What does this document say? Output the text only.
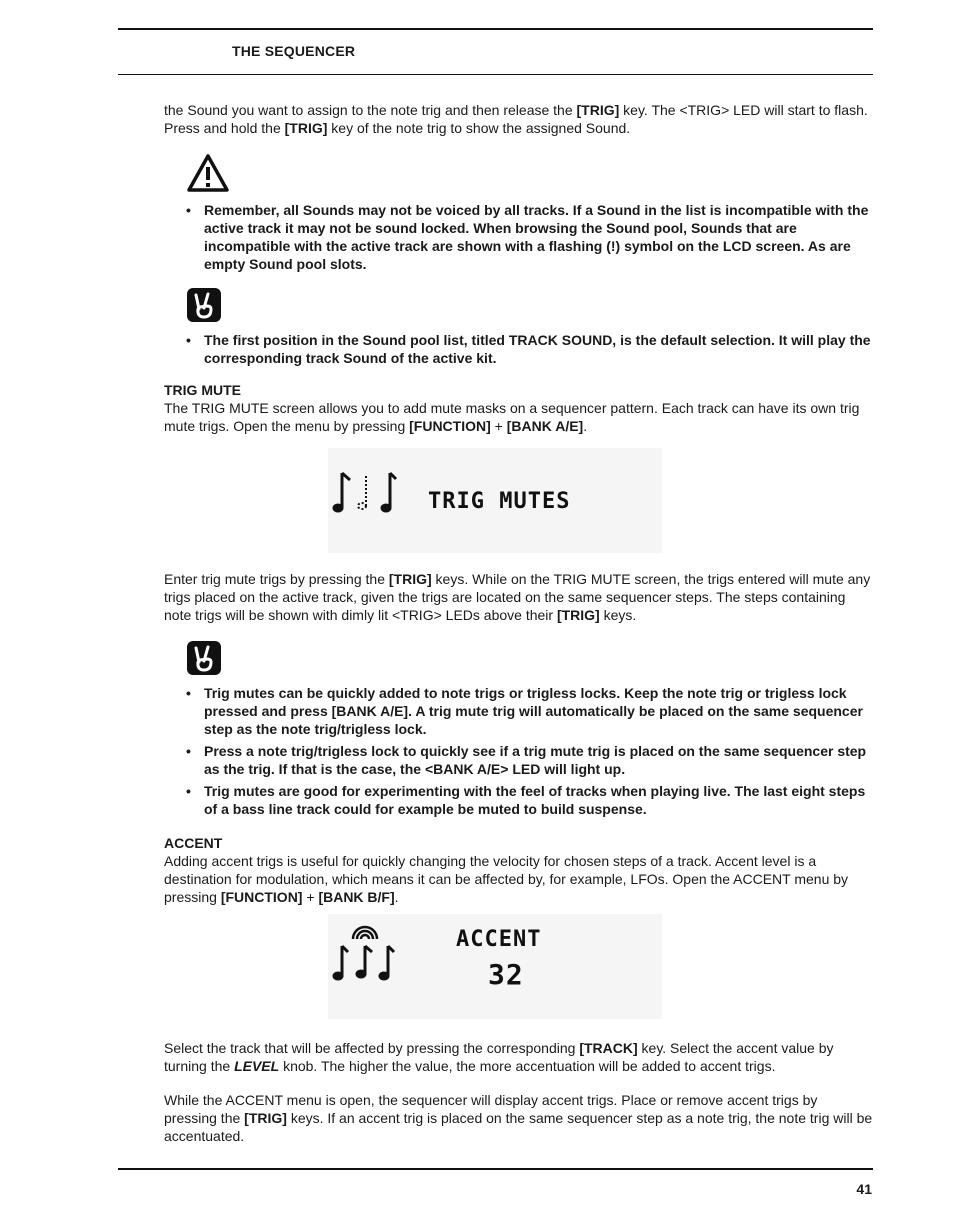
THE SEQUENCER

the Sound you want to assign to the note trig and then release the [TRIG] key. The <TRIG> LED will start to flash. Press and hold the [TRIG] key of the note trig to show the assigned Sound.

• Remember, all Sounds may not be voiced by all tracks. If a Sound in the list is incompatible with the active track it may not be sound locked. When browsing the Sound pool, Sounds that are incompatible with the active track are shown with a flashing (!) symbol on the LCD screen. As are empty Sound pool slots.
• The first position in the Sound pool list, titled TRACK SOUND, is the default selection. It will play the corresponding track Sound of the active kit.
TRIG MUTE

The TRIG MUTE screen allows you to add mute masks on a sequencer pattern. Each track can have its own trig mute trigs. Open the menu by pressing [FUNCTION] + [BANK A/E].

TRIG MUTES

Enter trig mute trigs by pressing the [TRIG] keys. While on the TRIG MUTE screen, the trigs entered will mute any trigs placed on the active track, given the trigs are located on the same sequencer steps. The steps containing note trigs will be shown with dimly lit <TRIG> LEDs above their [TRIG] keys.

• Trig mutes can be quickly added to note trigs or trigless locks. Keep the note trig or trigless lock pressed and press [BANK A/E]. A trig mute trig will automatically be placed on the same sequencer step as the note trig/trigless lock.
• Press a note trig/trigless lock to quickly see if a trig mute trig is placed on the same sequencer step as the trig. If that is the case, the <BANK A/E> LED will light up.
• Trig mutes are good for experimenting with the feel of tracks when playing live. The last eight steps of a bass line track could for example be muted to build suspense.
ACCENT

Adding accent trigs is useful for quickly changing the velocity for chosen steps of a track. Accent level is a destination for modulation, which means it can be affected by, for example, LFOs. Open the ACCENT menu by pressing [FUNCTION] + [BANK B/F].

ACCENT
32

Select the track that will be affected by pressing the corresponding [TRACK] key. Select the accent value by turning the LEVEL knob. The higher the value, the more accentuation will be added to accent trigs.

While the ACCENT menu is open, the sequencer will display accent trigs. Place or remove accent trigs by pressing the [TRIG] keys. If an accent trig is placed on the same sequencer step as a note trig, the note trig will be accentuated.

41
